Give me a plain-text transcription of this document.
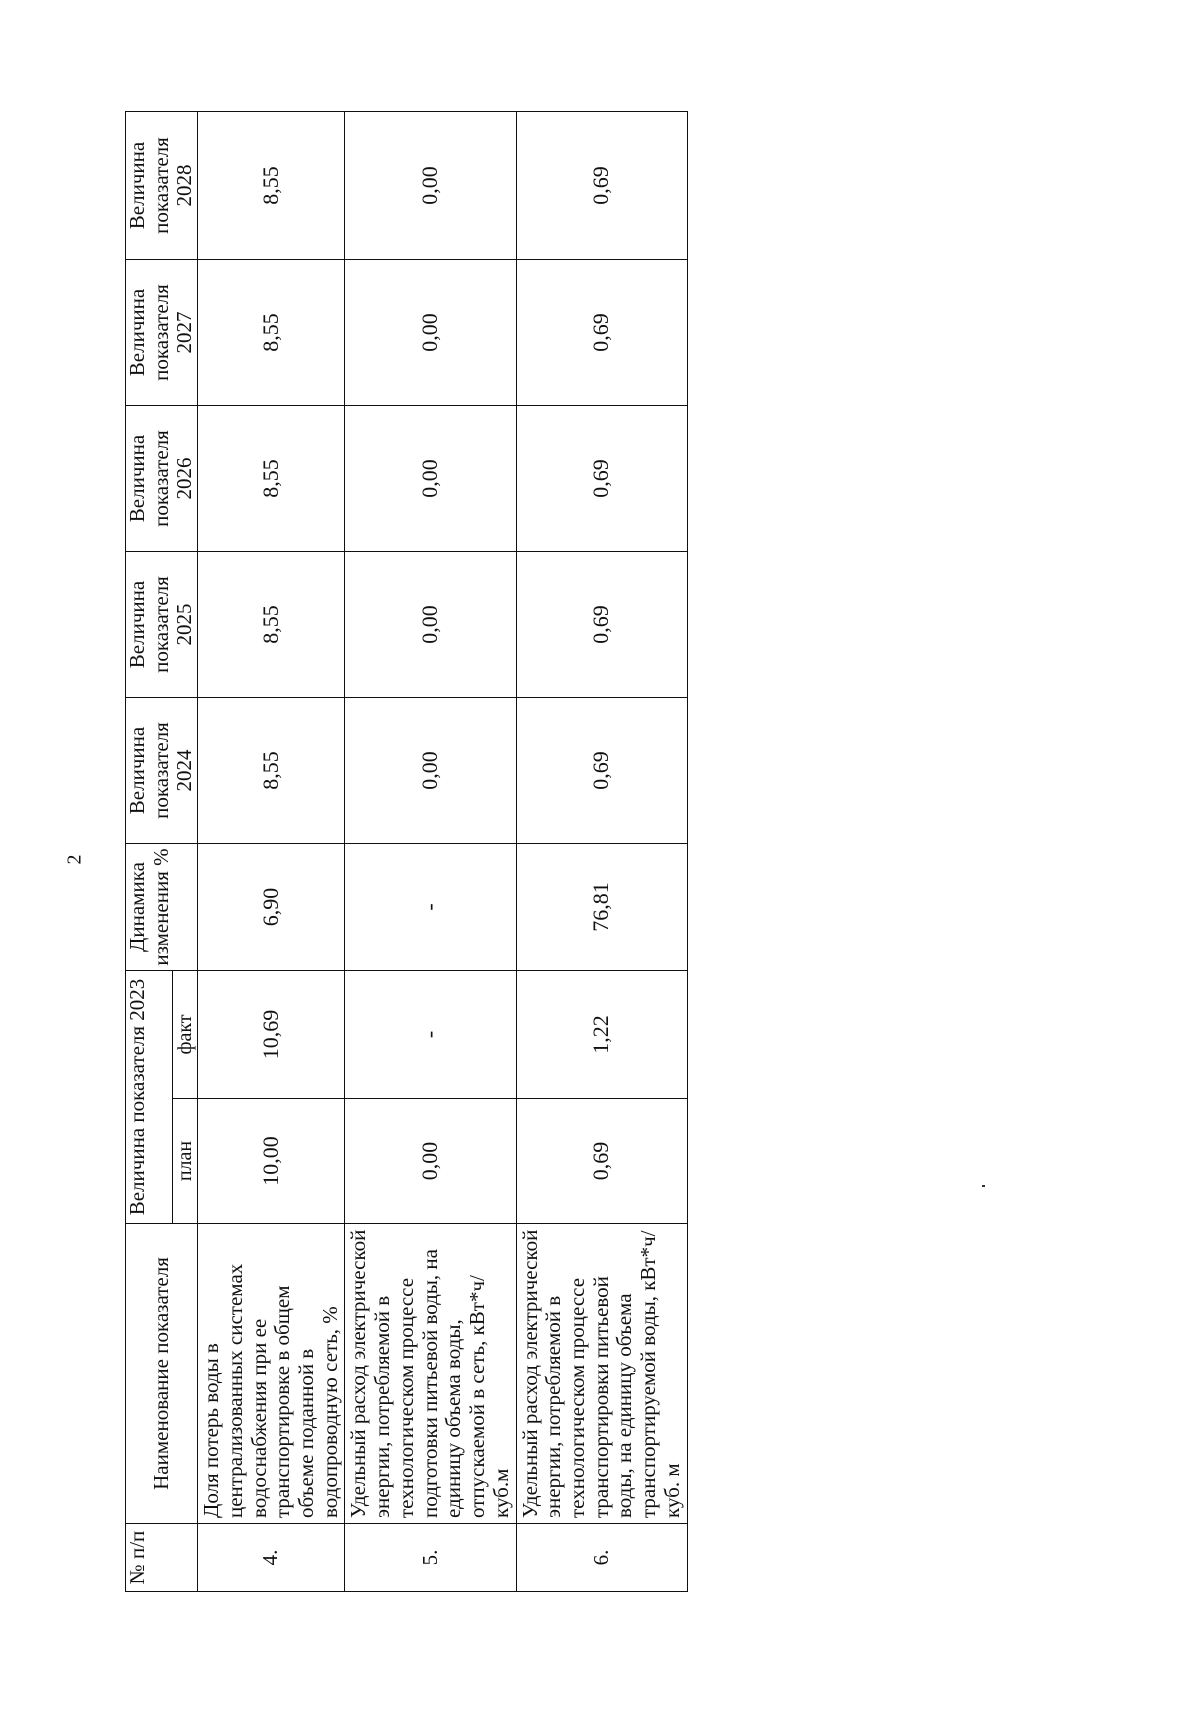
2
№ п/п	Наименование показателя	Величина показателя 2023		Динамика изменения %	Величина показателя 2024	Величина показателя 2025	Величина показателя 2026	Величина показателя 2027	Величина показателя 2028
		план	факт						
4.	Доля потерь воды в централизованных системах водоснабжения при ее транспортировке в общем объеме поданной в водопроводную сеть, %	10,00	10,69	6,90	8,55	8,55	8,55	8,55	8,55
5.	Удельный расход электрической энергии, потребляемой в технологическом процессе подготовки питьевой воды, на единицу объема воды, отпускаемой в сеть, кВт*ч/куб.м	0,00	-	-	0,00	0,00	0,00	0,00	0,00
6.	Удельный расход электрической энергии, потребляемой в технологическом процессе транспортировки питьевой воды, на единицу объема транспортируемой воды, кВт*ч/куб. м	0,69	1,22	76,81	0,69	0,69	0,69	0,69	0,69
